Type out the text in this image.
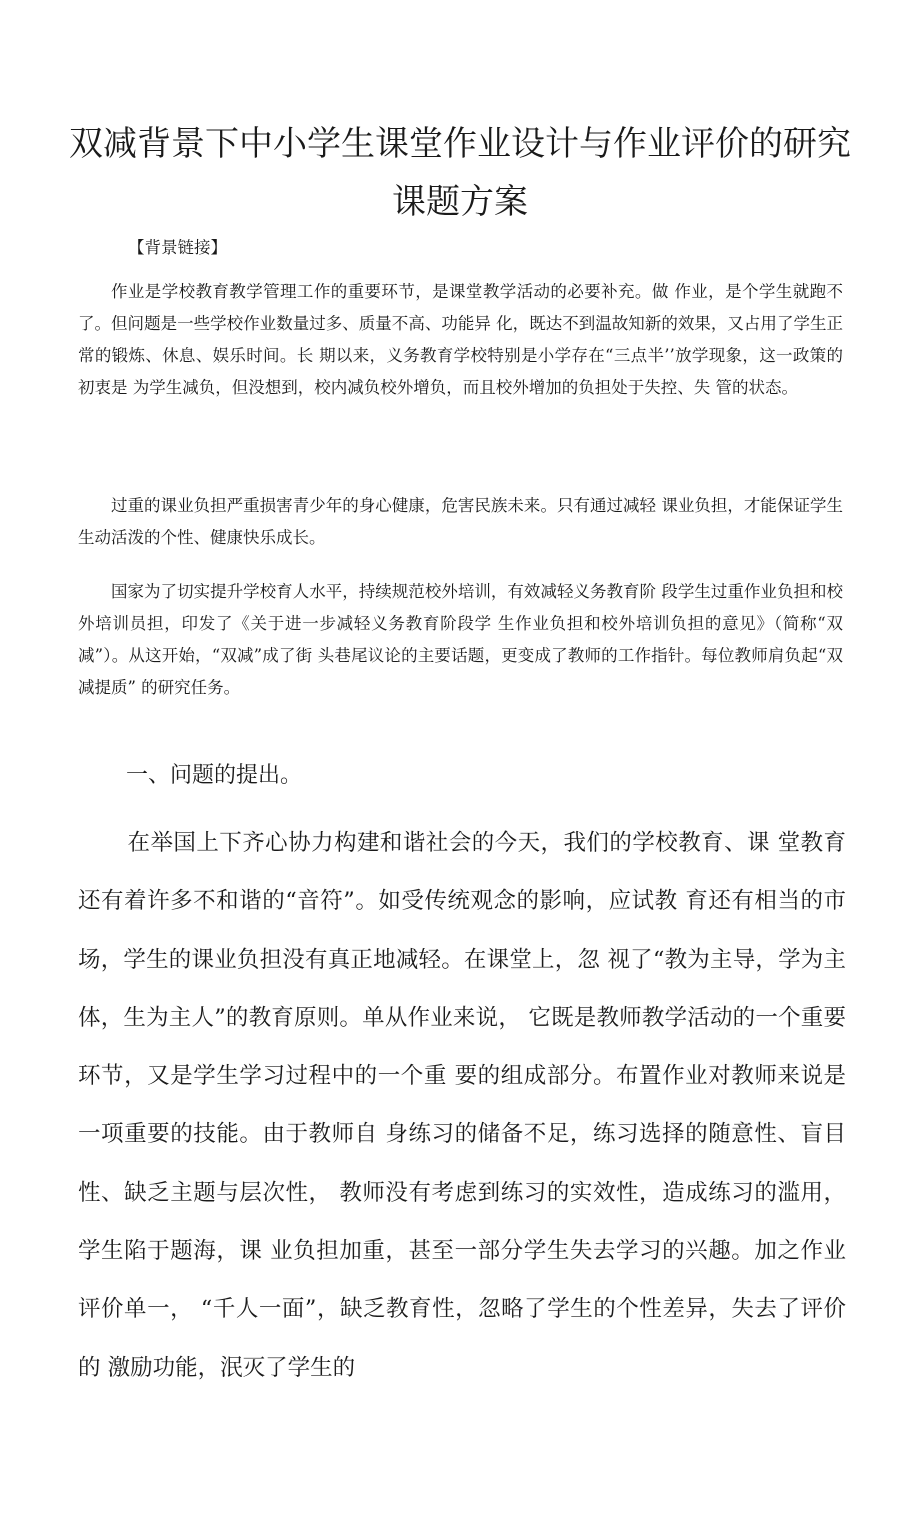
双减背景下中小学生课堂作业设计与作业评价的研究
课题方案
【背景链接】
作业是学校教育教学管理工作的重要环节，是课堂教学活动的必要补充。做 作业，是个学生就跑不了。但问题是一些学校作业数量过多、质量不高、功能异 化，既达不到温故知新的效果，又占用了学生正常的锻炼、休息、娱乐时间。长 期以来，义务教育学校特别是小学存在“三点半’’放学现象，这一政策的初衷是 为学生减负，但没想到，校内减负校外增负，而且校外增加的负担处于失控、失 管的状态。
过重的课业负担严重损害青少年的身心健康，危害民族未来。只有通过减轻 课业负担，才能保证学生生动活泼的个性、健康快乐成长。
国家为了切实提升学校育人水平，持续规范校外培训，有效减轻义务教育阶 段学生过重作业负担和校外培训员担，印发了《关于进一步减轻义务教育阶段学 生作业负担和校外培训负担的意见》（简称“双减”）。从这开始，“双减”成了街 头巷尾议论的主要话题，更变成了教师的工作指针。每位教师肩负起“双减提质” 的研究任务。
一、问题的提出。
在举国上下齐心协力构建和谐社会的今天，我们的学校教育、课 堂教育还有着许多不和谐的“音符”。如受传统观念的影响，应试教 育还有相当的市场，学生的课业负担没有真正地减轻。在课堂上，忽 视了“教为主导，学为主体，生为主人”的教育原则。单从作业来说， 它既是教师教学活动的一个重要环节，又是学生学习过程中的一个重 要的组成部分。布置作业对教师来说是一项重要的技能。由于教师自 身练习的储备不足，练习选择的随意性、盲目性、缺乏主题与层次性， 教师没有考虑到练习的实效性，造成练习的滥用，学生陷于题海，课 业负担加重，甚至一部分学生失去学习的兴趣。加之作业评价单一， “千人一面”，缺乏教育性，忽略了学生的个性差异，失去了评价的 激励功能，泯灭了学生的
